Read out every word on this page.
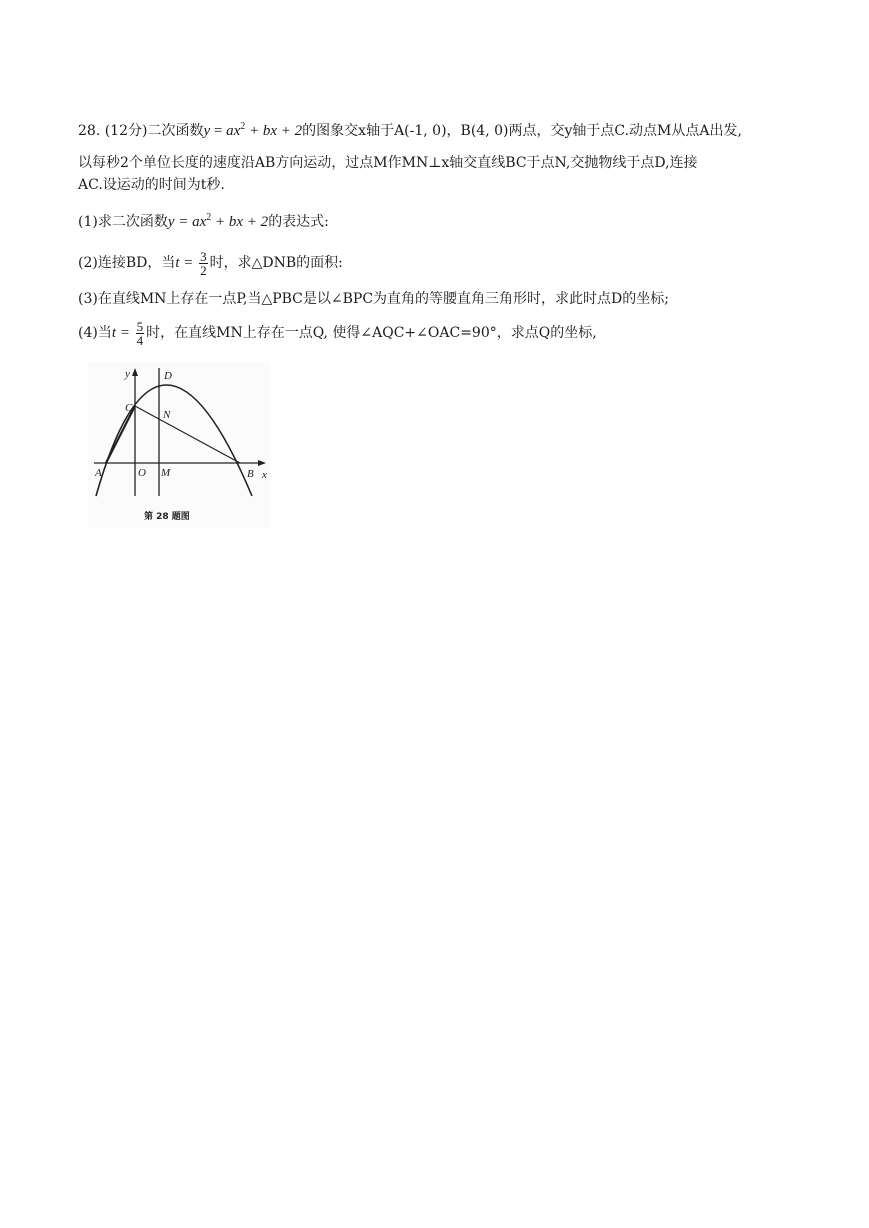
28. (12分)二次函数$y = ax^2$ + bx + 2的图象交x轴于A(-1, 0)，B(4, 0)两点，交y轴于点C.动点M从点A出发,
以每秒2个单位长度的速度沿AB方向运动，过点M作MN⊥x轴交直线BC于点N,交抛物线于点D,连接
AC.设运动的时间为t秒.
(1)求二次函数$y = ax^2$ + bx + 2的表达式:
(2)连接BD，当$t = \frac{3}{2}$ 时，求△DNB的面积:
(3)在直线MN上存在一点P,当△PBC是以∠BPC为直角的等腰直角三角形时，求此时点D的坐标;
(4)当$t = \frac{5}{4}$ 时，在直线MN上存在一点Q, 使得∠AQC+∠OAC=90°，求点Q的坐标,
y	D
C
N
A	O M	B x
第 28 题图
